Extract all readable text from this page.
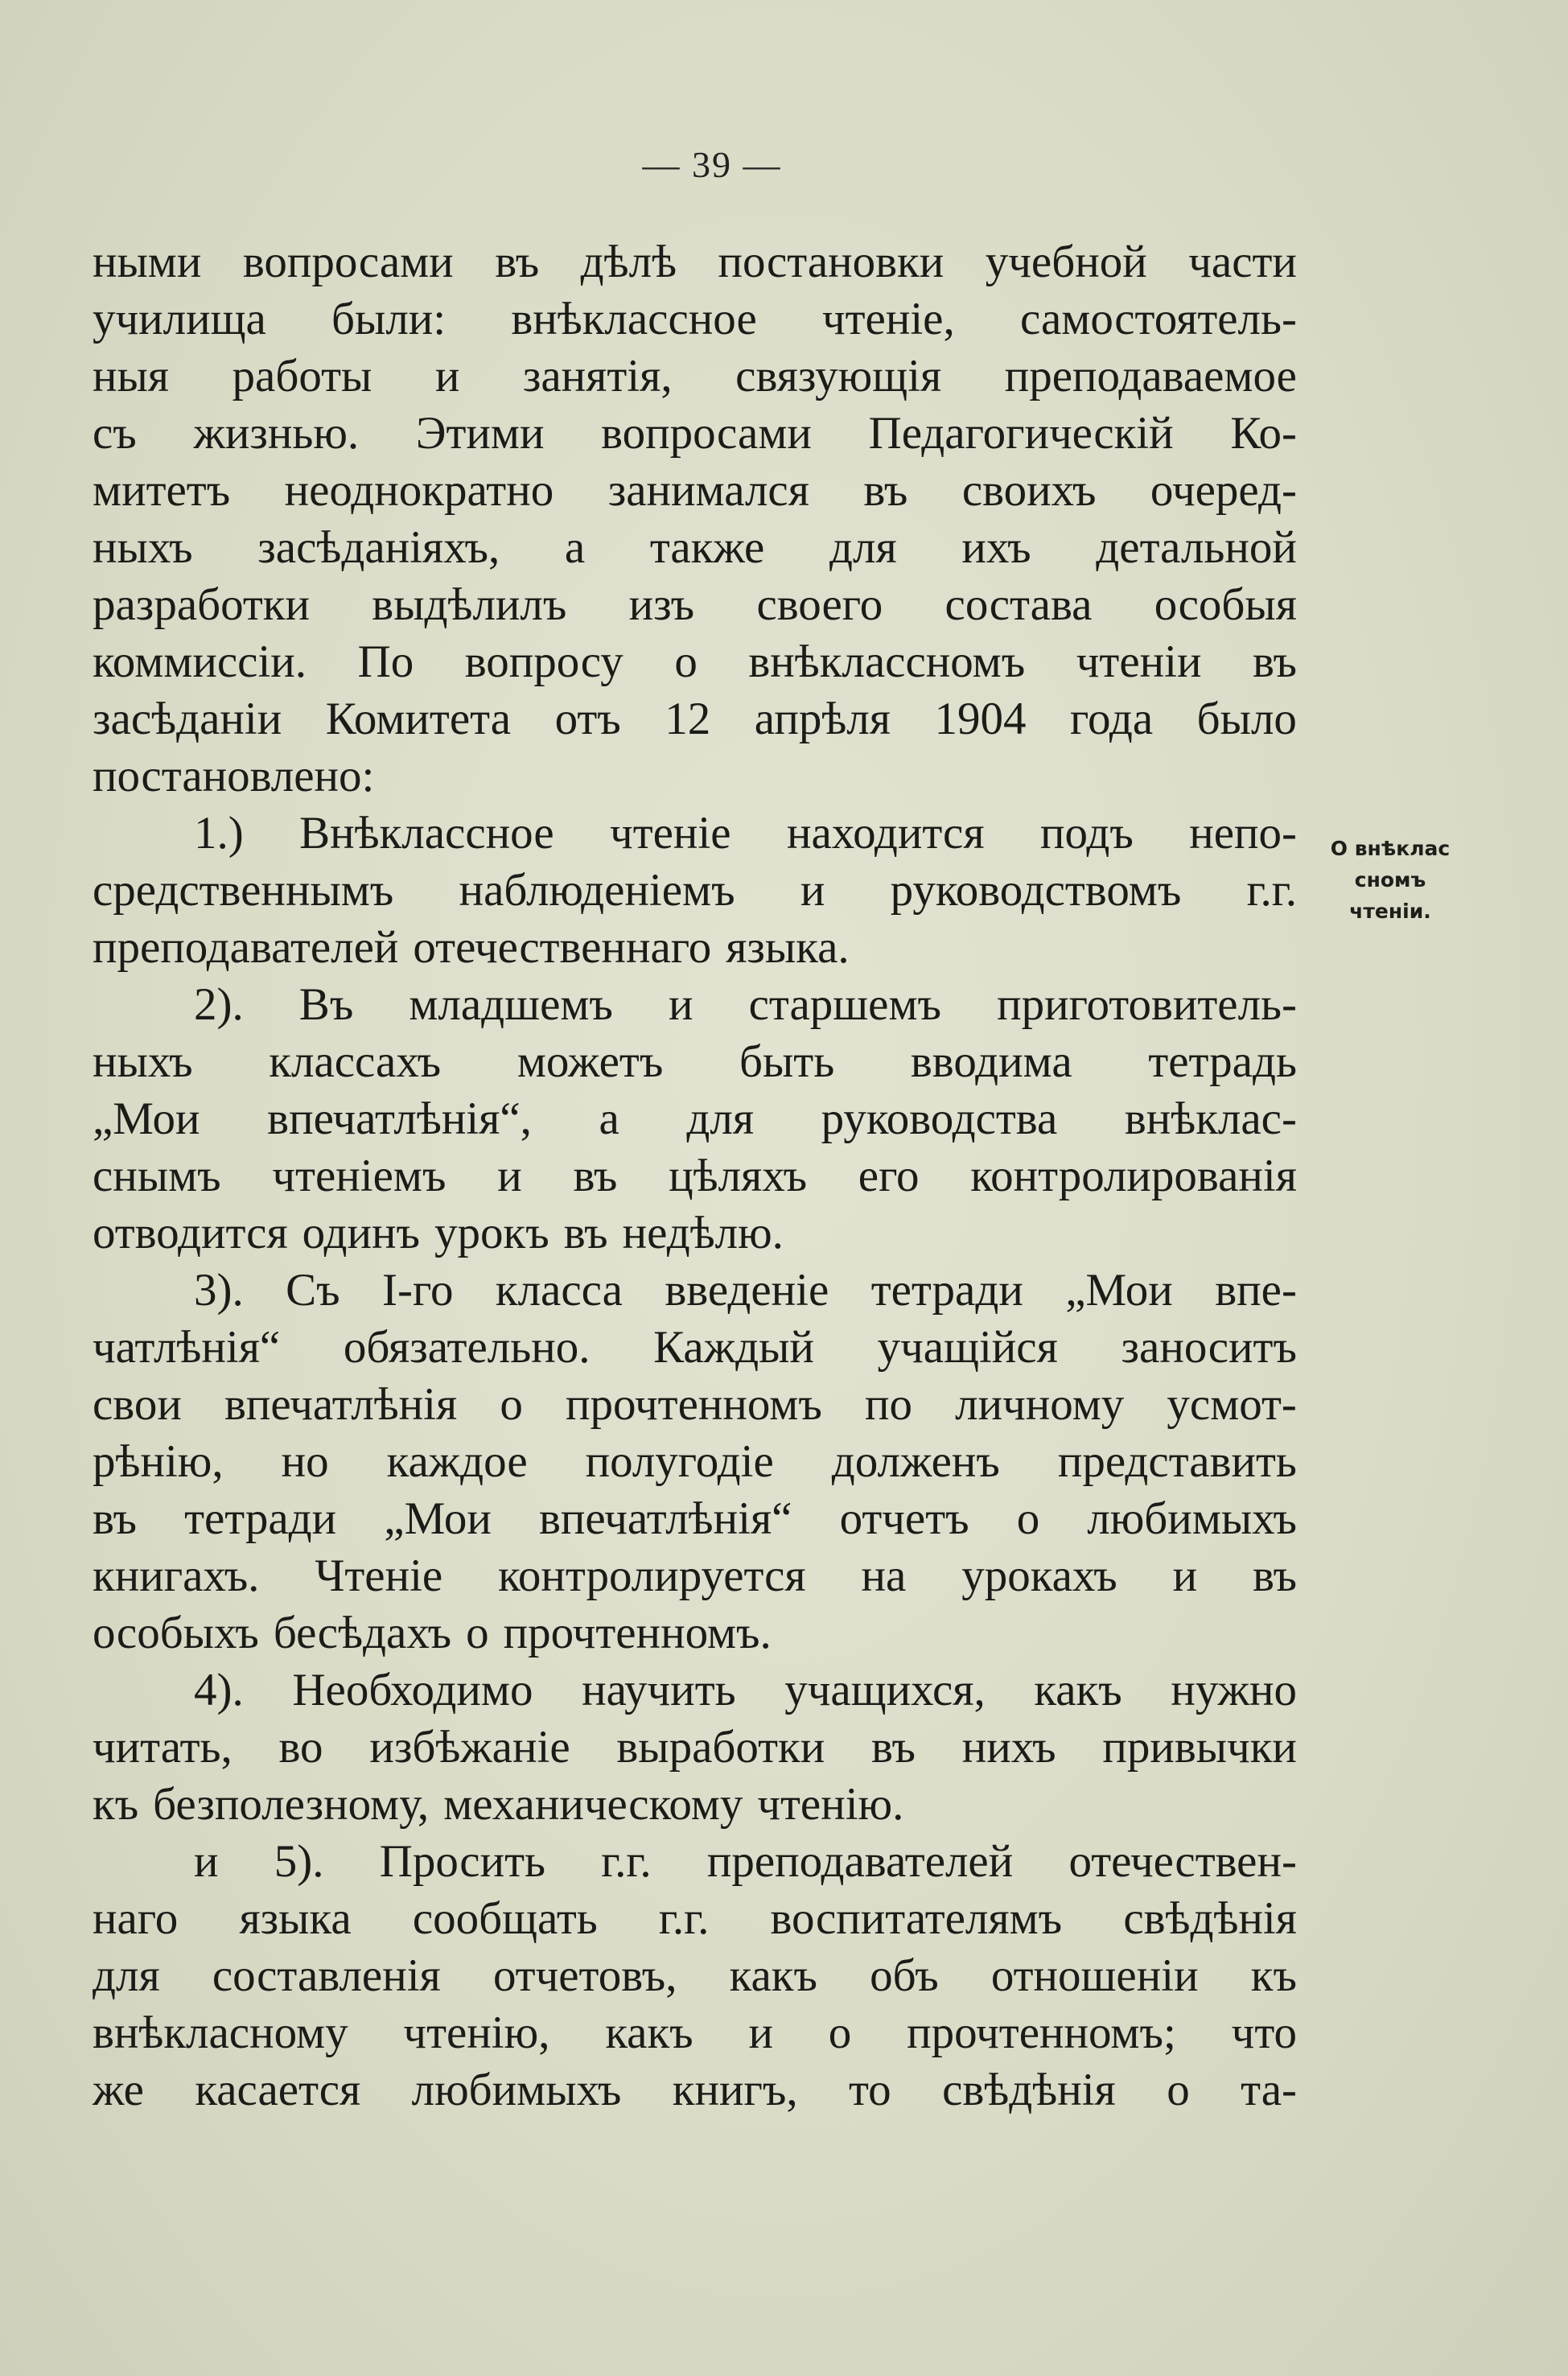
— 39 —
ными вопросами въ дѣлѣ постановки учебной части
училища были: внѣклассное чтеніе, самостоятель-
ныя работы и занятія, связующія преподаваемое
съ жизнью. Этими вопросами Педагогическій Ко-
митетъ неоднократно занимался въ своихъ очеред-
ныхъ засѣданіяхъ, а также для ихъ детальной
разработки выдѣлилъ изъ своего состава особыя
коммиссіи. По вопросу о внѣклассномъ чтеніи въ
засѣданіи Комитета отъ 12 апрѣля 1904 года было
постановлено:
1.) Внѣклассное чтеніе находится подъ непо-
средственнымъ наблюденіемъ и руководствомъ г.г.
преподавателей отечественнаго языка.
2). Въ младшемъ и старшемъ приготовитель-
ныхъ классахъ можетъ быть вводима тетрадь
„Мои впечатлѣнія“, а для руководства внѣклас-
снымъ чтеніемъ и въ цѣляхъ его контролированія
отводится одинъ урокъ въ недѣлю.
3). Съ I-го класса введеніе тетради „Мои впе-
чатлѣнія“ обязательно. Каждый учащійся заноситъ
свои впечатлѣнія о прочтенномъ по личному усмот-
рѣнію, но каждое полугодіе долженъ представить
въ тетради „Мои впечатлѣнія“ отчетъ о любимыхъ
книгахъ. Чтеніе контролируется на урокахъ и въ
особыхъ бесѣдахъ о прочтенномъ.
4). Необходимо научить учащихся, какъ нужно
читать, во избѣжаніе выработки въ нихъ привычки
къ безполезному, механическому чтенію.
и 5). Просить г.г. преподавателей отечествен-
наго языка сообщать г.г. воспитателямъ свѣдѣнія
для составленія отчетовъ, какъ объ отношеніи къ
внѣкласному чтенію, какъ и о прочтенномъ; что
же касается любимыхъ книгъ, то свѣдѣнія о та-
О внѣклас
сномъ
чтеніи.
